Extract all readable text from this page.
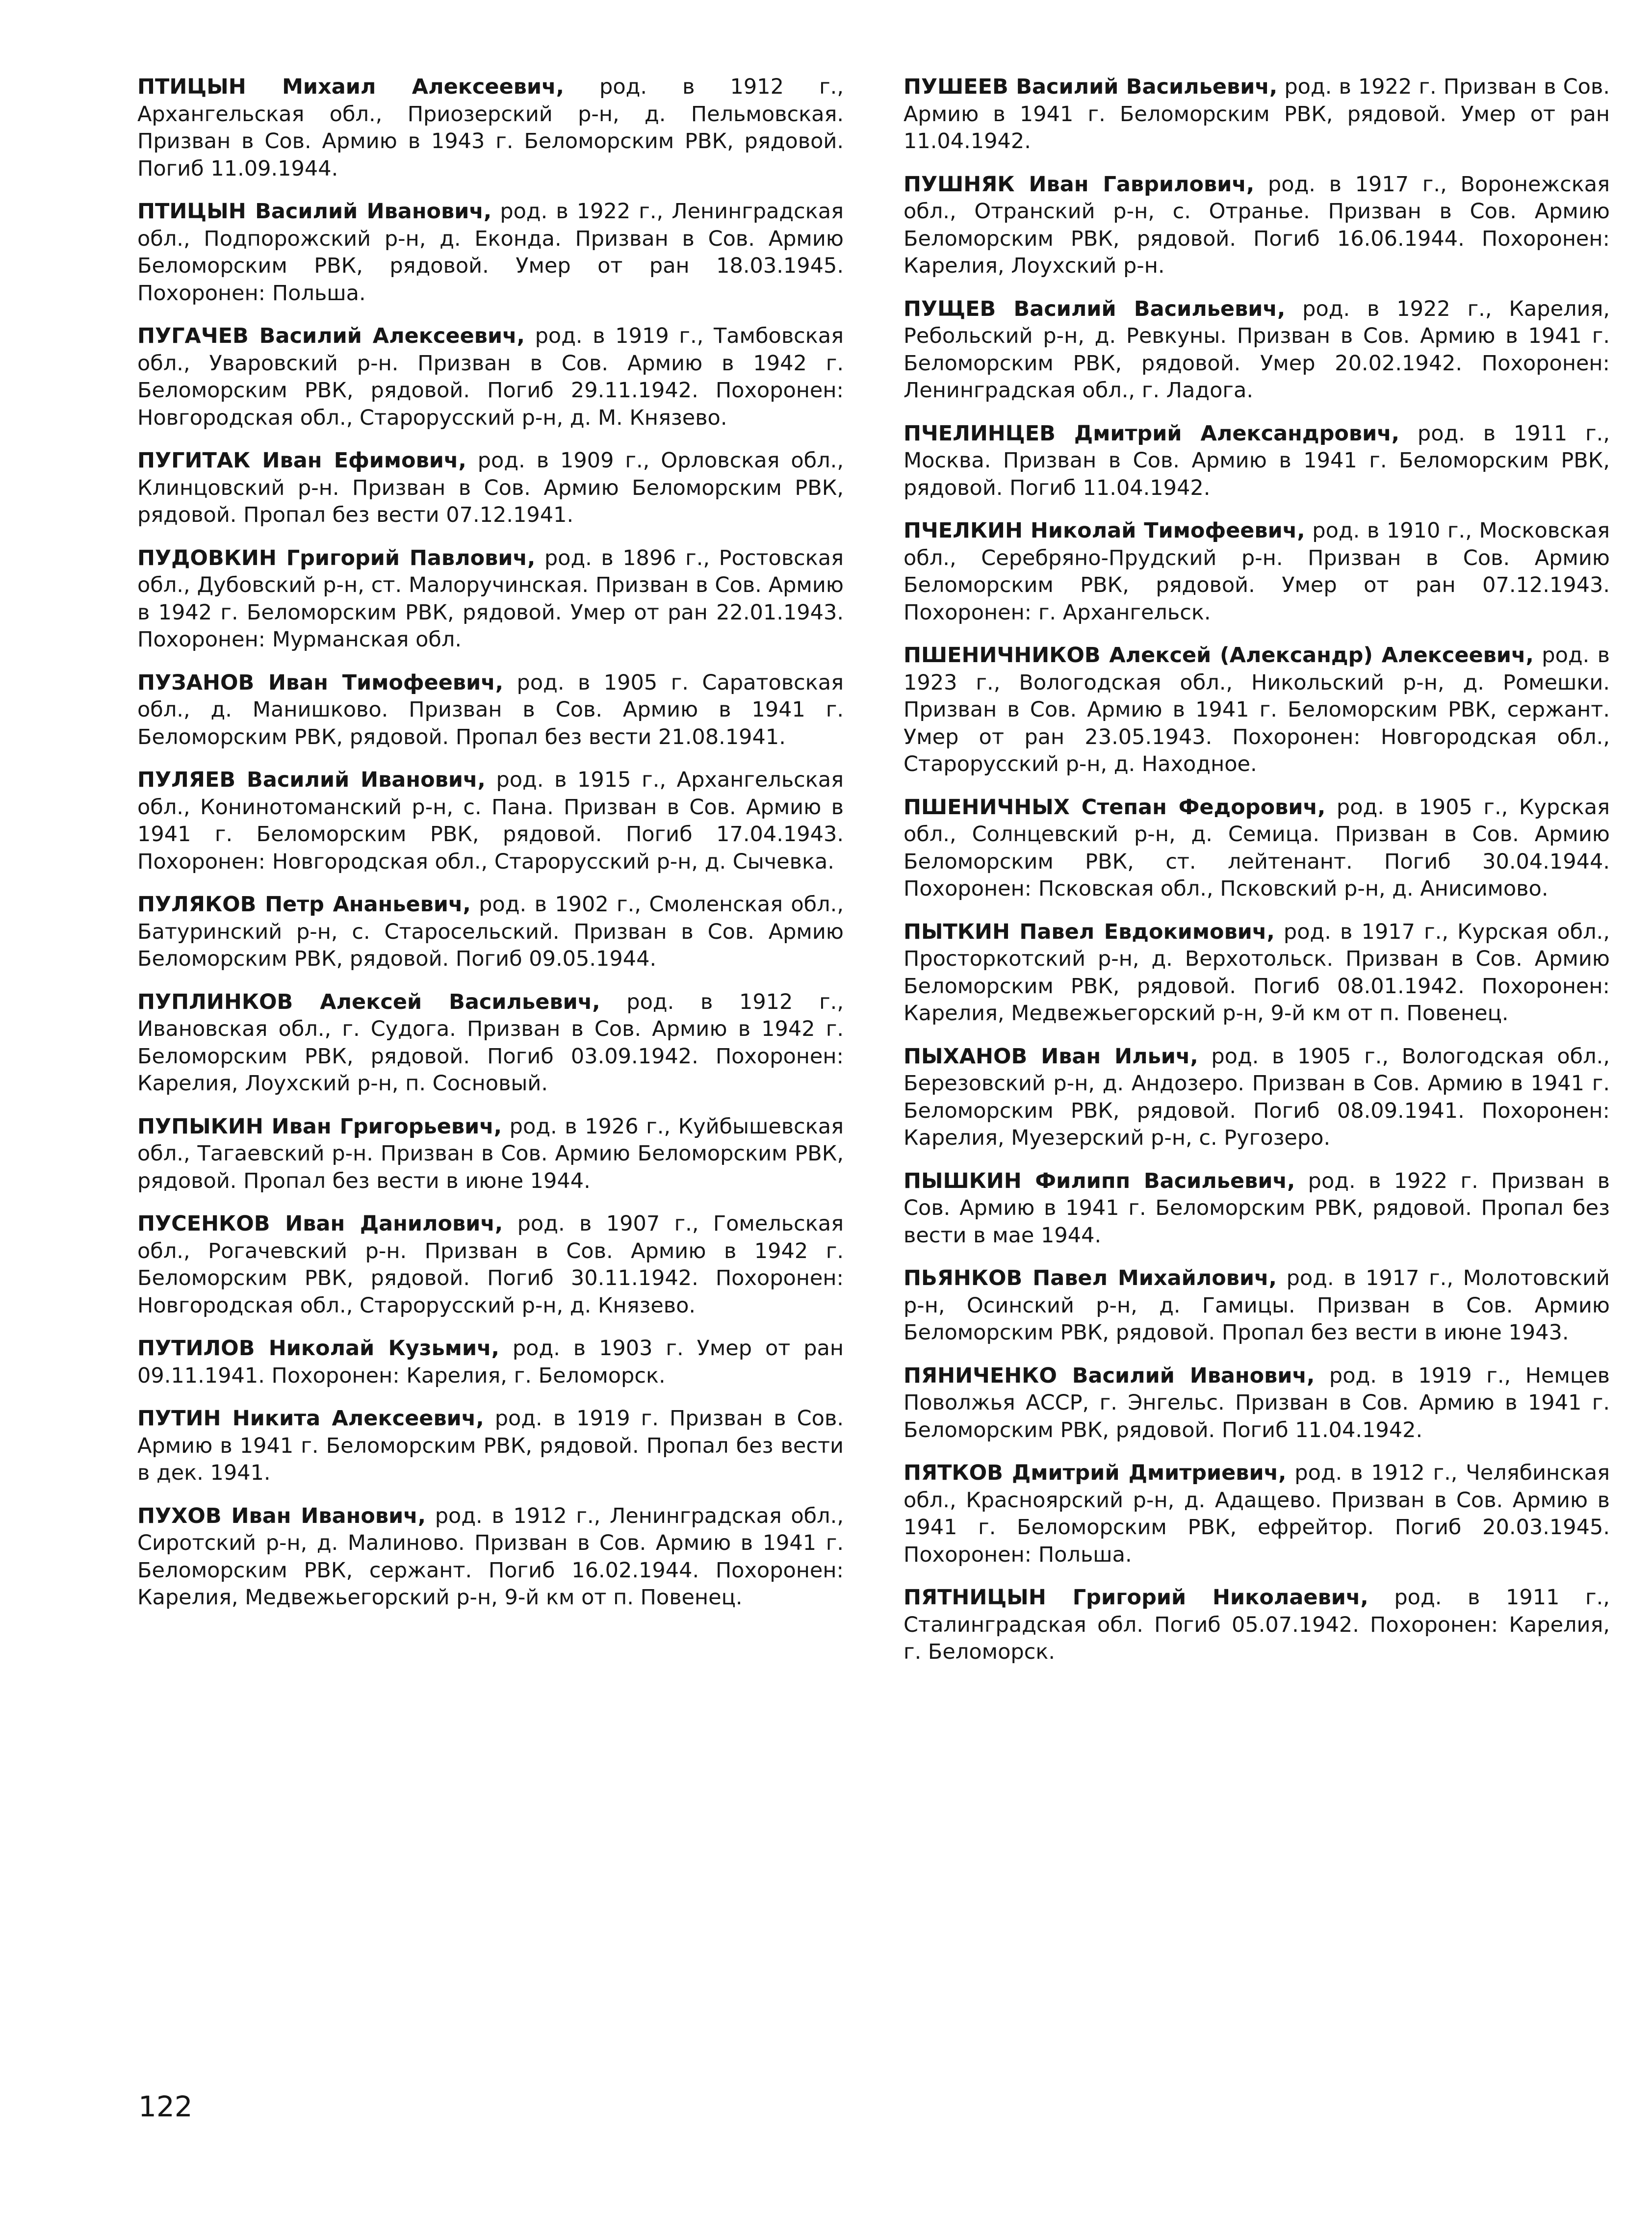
ПТИЦЫН Михаил Алексеевич, род. в 1912 г., Архангельская обл., Приозерский р-н, д. Пельмовская. Призван в Сов. Армию в 1943 г. Беломорским РВК, рядовой. Погиб 11.09.1944.

ПТИЦЫН Василий Иванович, род. в 1922 г., Ленинградская обл., Подпорожский р-н, д. Еконда. Призван в Сов. Армию Беломорским РВК, рядовой. Умер от ран 18.03.1945. Похоронен: Польша.

ПУГАЧЕВ Василий Алексеевич, род. в 1919 г., Тамбовская обл., Уваровский р-н. Призван в Сов. Армию в 1942 г. Беломорским РВК, рядовой. Погиб 29.11.1942. Похоронен: Новгородская обл., Старорусский р-н, д. М. Князево.

ПУГИТАК Иван Ефимович, род. в 1909 г., Орловская обл., Клинцовский р-н. Призван в Сов. Армию Беломорским РВК, рядовой. Пропал без вести 07.12.1941.

ПУДОВКИН Григорий Павлович, род. в 1896 г., Ростовская обл., Дубовский р-н, ст. Малоручинская. Призван в Сов. Армию в 1942 г. Беломорским РВК, рядовой. Умер от ран 22.01.1943. Похоронен: Мурманская обл.

ПУЗАНОВ Иван Тимофеевич, род. в 1905 г. Саратовская обл., д. Манишково. Призван в Сов. Армию в 1941 г. Беломорским РВК, рядовой. Пропал без вести 21.08.1941.

ПУЛЯЕВ Василий Иванович, род. в 1915 г., Архангельская обл., Конинотоманский р-н, с. Пана. Призван в Сов. Армию в 1941 г. Беломорским РВК, рядовой. Погиб 17.04.1943. Похоронен: Новгородская обл., Старорусский р-н, д. Сычевка.

ПУЛЯКОВ Петр Ананьевич, род. в 1902 г., Смоленская обл., Батуринский р-н, с. Старосельский. Призван в Сов. Армию Беломорским РВК, рядовой. Погиб 09.05.1944.

ПУПЛИНКОВ Алексей Васильевич, род. в 1912 г., Ивановская обл., г. Судога. Призван в Сов. Армию в 1942 г. Беломорским РВК, рядовой. Погиб 03.09.1942. Похоронен: Карелия, Лоухский р-н, п. Сосновый.

ПУПЫКИН Иван Григорьевич, род. в 1926 г., Куйбышевская обл., Тагаевский р-н. Призван в Сов. Армию Беломорским РВК, рядовой. Пропал без вести в июне 1944.

ПУСЕНКОВ Иван Данилович, род. в 1907 г., Гомельская обл., Рогачевский р-н. Призван в Сов. Армию в 1942 г. Беломорским РВК, рядовой. Погиб 30.11.1942. Похоронен: Новгородская обл., Старорусский р-н, д. Князево.

ПУТИЛОВ Николай Кузьмич, род. в 1903 г. Умер от ран 09.11.1941. Похоронен: Карелия, г. Беломорск.

ПУТИН Никита Алексеевич, род. в 1919 г. Призван в Сов. Армию в 1941 г. Беломорским РВК, рядовой. Пропал без вести в дек. 1941.

ПУХОВ Иван Иванович, род. в 1912 г., Ленинградская обл., Сиротский р-н, д. Малиново. Призван в Сов. Армию в 1941 г. Беломорским РВК, сержант. Погиб 16.02.1944. Похоронен: Карелия, Медвежьегорский р-н, 9-й км от п. Повенец.

ПУШЕЕВ Василий Васильевич, род. в 1922 г. Призван в Сов. Армию в 1941 г. Беломорским РВК, рядовой. Умер от ран 11.04.1942.

ПУШНЯК Иван Гаврилович, род. в 1917 г., Воронежская обл., Отранский р-н, с. Отранье. Призван в Сов. Армию Беломорским РВК, рядовой. Погиб 16.06.1944. Похоронен: Карелия, Лоухский р-н.

ПУЩЕВ Василий Васильевич, род. в 1922 г., Карелия, Ребольский р-н, д. Ревкуны. Призван в Сов. Армию в 1941 г. Беломорским РВК, рядовой. Умер 20.02.1942. Похоронен: Ленинградская обл., г. Ладога.

ПЧЕЛИНЦЕВ Дмитрий Александрович, род. в 1911 г., Москва. Призван в Сов. Армию в 1941 г. Беломорским РВК, рядовой. Погиб 11.04.1942.

ПЧЕЛКИН Николай Тимофеевич, род. в 1910 г., Московская обл., Серебряно-Прудский р-н. Призван в Сов. Армию Беломорским РВК, рядовой. Умер от ран 07.12.1943. Похоронен: г. Архангельск.

ПШЕНИЧНИКОВ Алексей (Александр) Алексеевич, род. в 1923 г., Вологодская обл., Никольский р-н, д. Ромешки. Призван в Сов. Армию в 1941 г. Беломорским РВК, сержант. Умер от ран 23.05.1943. Похоронен: Новгородская обл., Старорусский р-н, д. Находное.

ПШЕНИЧНЫХ Степан Федорович, род. в 1905 г., Курская обл., Солнцевский р-н, д. Семица. Призван в Сов. Армию Беломорским РВК, ст. лейтенант. Погиб 30.04.1944. Похоронен: Псковская обл., Псковский р-н, д. Анисимово.

ПЫТКИН Павел Евдокимович, род. в 1917 г., Курская обл., Просторкотский р-н, д. Верхотольск. Призван в Сов. Армию Беломорским РВК, рядовой. Погиб 08.01.1942. Похоронен: Карелия, Медвежьегорский р-н, 9-й км от п. Повенец.

ПЫХАНОВ Иван Ильич, род. в 1905 г., Вологодская обл., Березовский р-н, д. Андозеро. Призван в Сов. Армию в 1941 г. Беломорским РВК, рядовой. Погиб 08.09.1941. Похоронен: Карелия, Муезерский р-н, с. Ругозеро.

ПЫШКИН Филипп Васильевич, род. в 1922 г. Призван в Сов. Армию в 1941 г. Беломорским РВК, рядовой. Пропал без вести в мае 1944.

ПЬЯНКОВ Павел Михайлович, род. в 1917 г., Молотовский р-н, Осинский р-н, д. Гамицы. Призван в Сов. Армию Беломорским РВК, рядовой. Пропал без вести в июне 1943.

ПЯНИЧЕНКО Василий Иванович, род. в 1919 г., Немцев Поволжья АССР, г. Энгельс. Призван в Сов. Армию в 1941 г. Беломорским РВК, рядовой. Погиб 11.04.1942.

ПЯТКОВ Дмитрий Дмитриевич, род. в 1912 г., Челябинская обл., Красноярский р-н, д. Адащево. Призван в Сов. Армию в 1941 г. Беломорским РВК, ефрейтор. Погиб 20.03.1945. Похоронен: Польша.

ПЯТНИЦЫН Григорий Николаевич, род. в 1911 г., Сталинградская обл. Погиб 05.07.1942. Похоронен: Карелия, г. Беломорск.

122
